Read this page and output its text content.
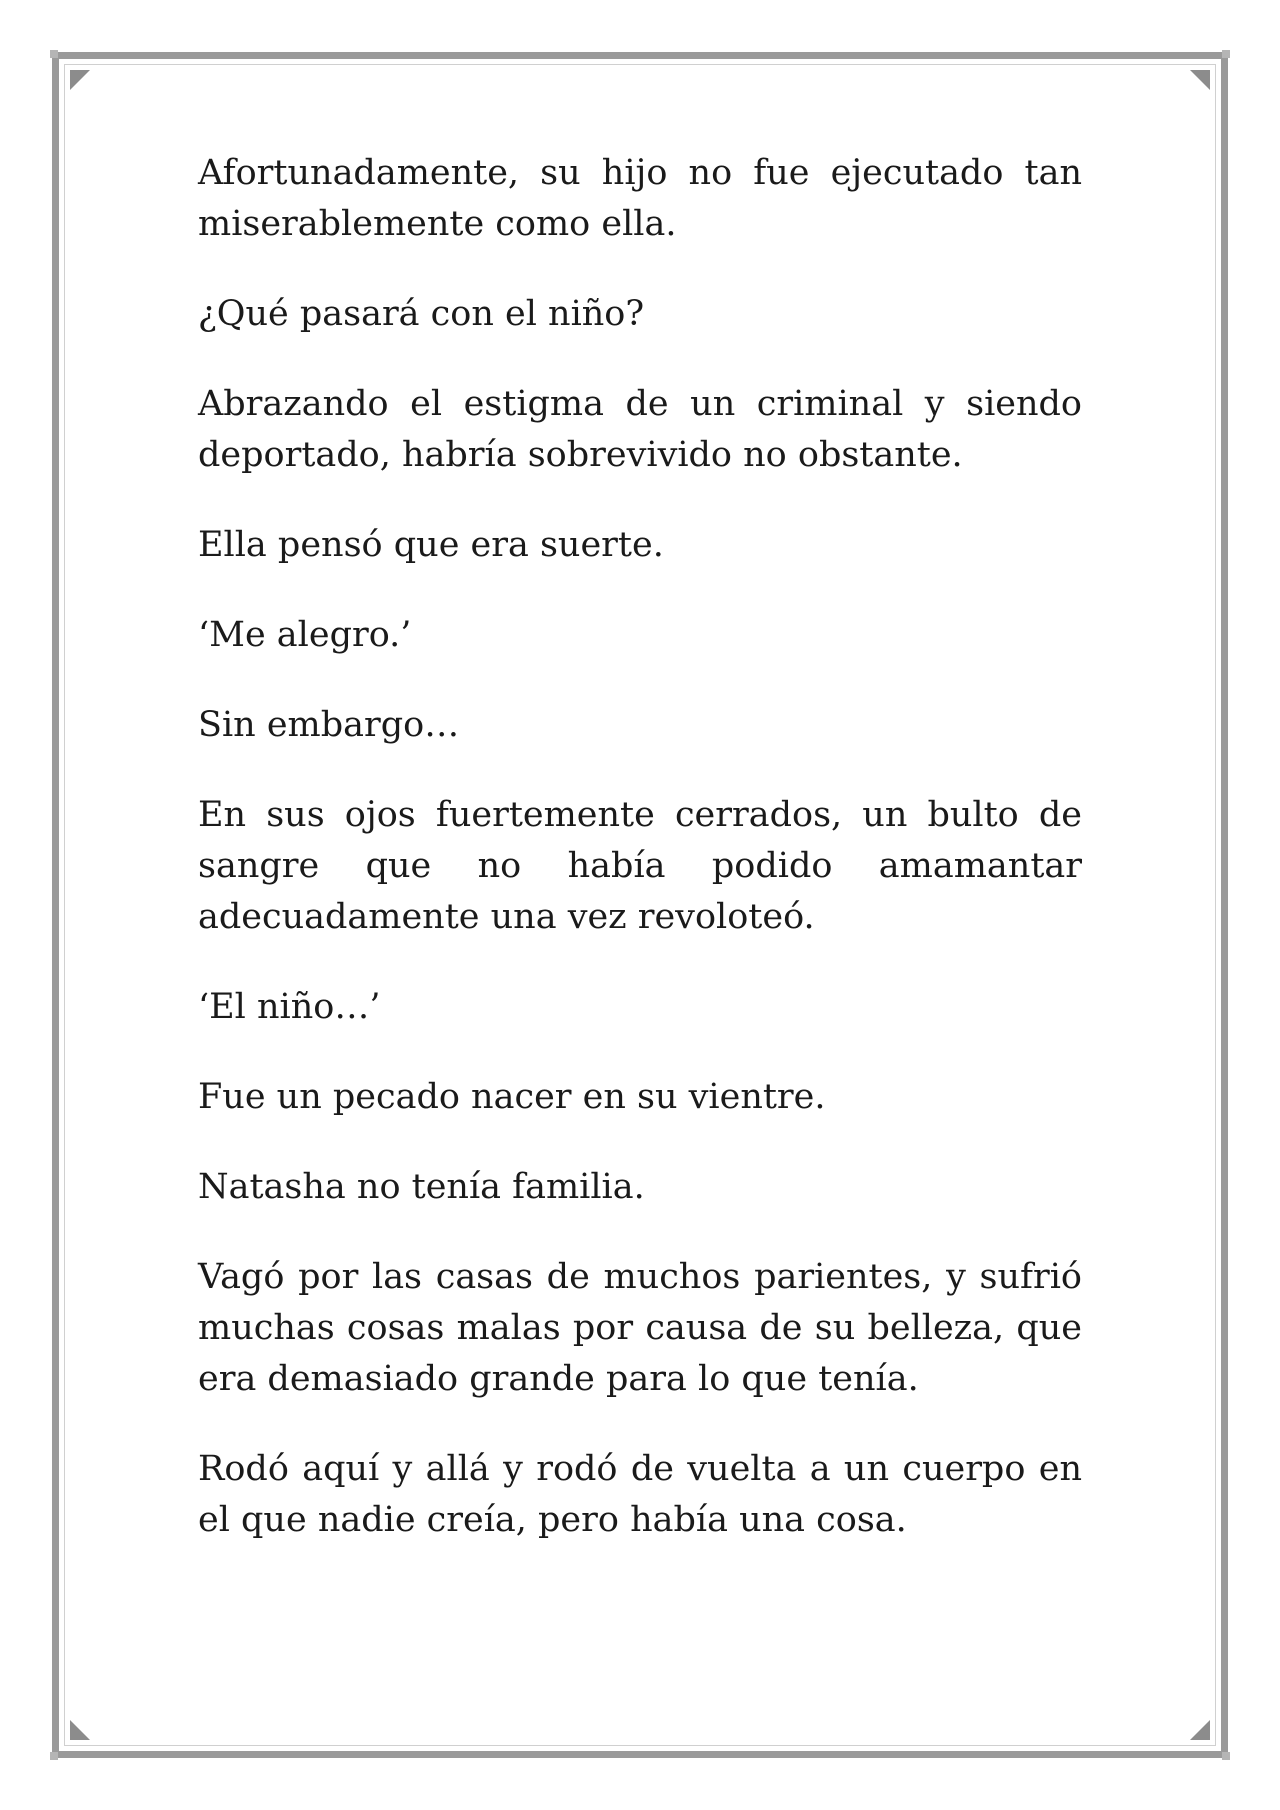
Afortunadamente, su hijo no fue ejecutado tan miserablemente como ella.

¿Qué pasará con el niño?

Abrazando el estigma de un criminal y siendo deportado, habría sobrevivido no obstante.

Ella pensó que era suerte.

‘Me alegro.’

Sin embargo…

En sus ojos fuertemente cerrados, un bulto de sangre que no había podido amamantar adecuadamente una vez revoloteó.

‘El niño…’

Fue un pecado nacer en su vientre.

Natasha no tenía familia.

Vagó por las casas de muchos parientes, y sufrió muchas cosas malas por causa de su belleza, que era demasiado grande para lo que tenía.

Rodó aquí y allá y rodó de vuelta a un cuerpo en el que nadie creía, pero había una cosa.
